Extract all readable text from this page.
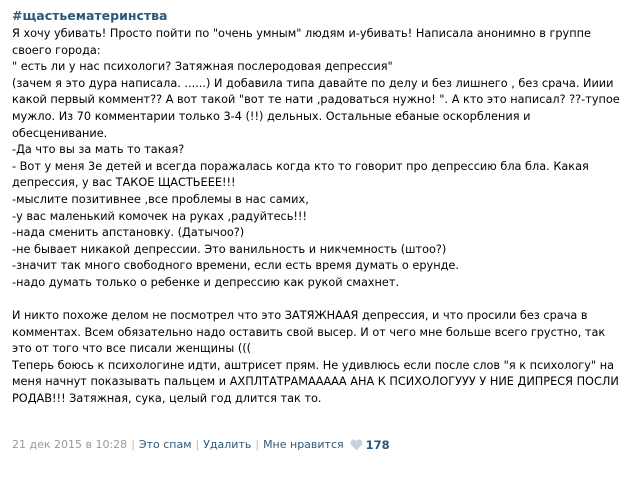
#щастьематеринства
Я хочу убивать! Просто пойти по "очень умным" людям и-убивать! Написала анонимно в группе
своего города:
" есть ли у нас психологи? Затяжная послеродовая депрессия"
(зачем я это дура написала. ......) И добавила типа давайте по делу и без лишнего , без срача. Ииии
какой первый коммент?? А вот такой "вот те нати ,радоваться нужно! ". А кто это написал? ??-тупое
мужло. Из 70 комментарии только 3-4 (!!) дельных. Остальные ебаные оскорбления и
обесценивание.
-Да что вы за мать то такая?
- Вот у меня 3е детей и всегда поражалась когда кто то говорит про депрессию бла бла. Какая
депрессия, у вас ТАКОЕ ЩАСТЬЕЕЕ!!!
-мыслите позитивнее ,все проблемы в нас самих,
-у вас маленький комочек на руках ,радуйтесь!!!
-нада сменить апстановку. (Датычоо?)
-не бывает никакой депрессии. Это ванильность и никчемность (штоо?)
-значит так много свободного времени, если есть время думать о ерунде.
-надо думать только о ребенке и депрессию как рукой смахнет.
И никто похоже делом не посмотрел что это ЗАТЯЖНААЯ депрессия, и что просили без срача в
комментах. Всем обязательно надо оставить свой высер. И от чего мне больше всего грустно, так
это от того что все писали женщины (((
Теперь боюсь к психологине идти, аштрисет прям. Не удивлюсь если после слов "я к психологу" на
меня начнут показывать пальцем и АХПЛТАТРАМААААА АНА К ПСИХОЛОГУУУ У НИЕ ДИПРЕСЯ ПОСЛИ
РОДАВ!!! Затяжная, сука, целый год длится так то.
21 дек 2015 в 10:28 | Это спам | Удалить | Мне нравится 178
